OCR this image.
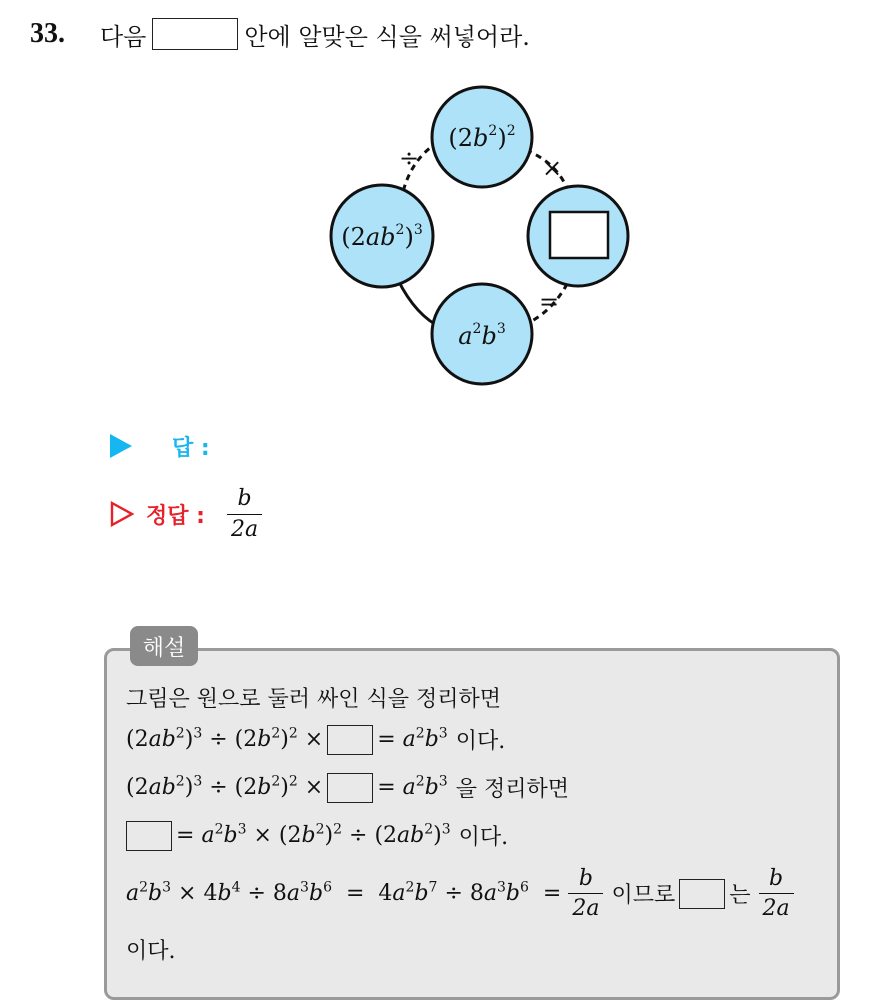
33.	다음	안에 알맞은 식을 써넣어라.
$(2b^2)^2$
$(2ab^2)^3$
$a^2b^3$
÷	×
=
답 :
정답 : $\frac{b}{2a}$
해설
그림은 원으로 둘러 싸인 식을 정리하면
$(2ab^2)^3 \div (2b^2)^2$ × = $a^2b^3$ 이다.
$(2ab^2)^3 \div (2b^2)^2$ × = $a^2b^3$ 을 정리하면
= $a^2b^3 \times (2b^2)^2 \div (2ab^2)^3$ 이다.
$a^2b^3 \times 4b^4 \div 8a^3b^6 = 4a^2b^7 \div 8a^3b^6 = \frac{b}{2a}$ 이므로 는 $\frac{b}{2a}$
이다.
